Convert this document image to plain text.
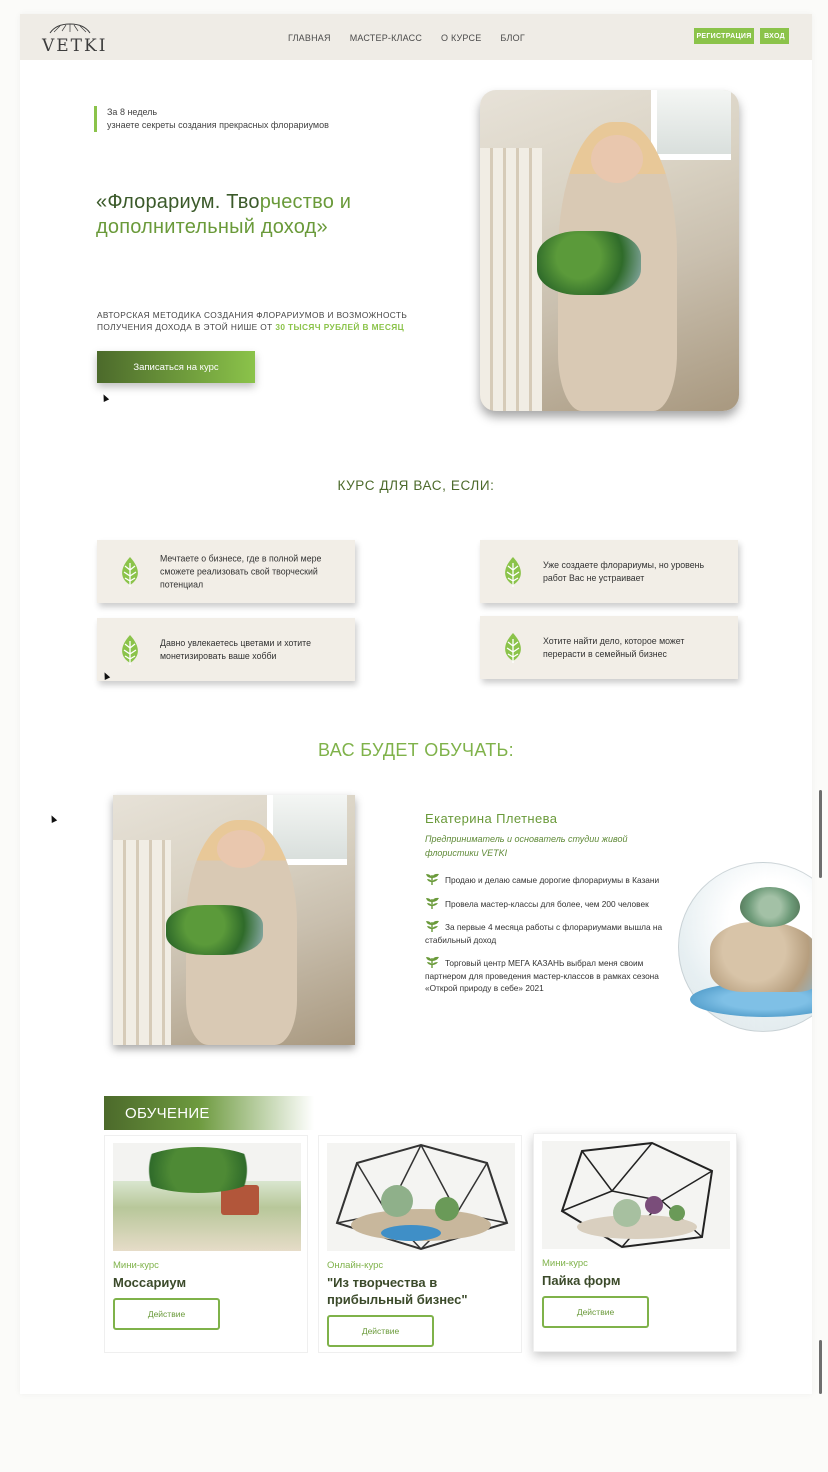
VETKI	ГЛАВНАЯ МАСТЕР-КЛАСС О КУРСЕ БЛОГ	РЕГИСТРАЦИЯ	ВХОД
За 8 недель
узнаете секреты создания прекрасных флорариумов
«Флорариум. Творчество и дополнительный доход»
АВТОРСКАЯ МЕТОДИКА СОЗДАНИЯ ФЛОРАРИУМОВ И ВОЗМОЖНОСТЬ ПОЛУЧЕНИЯ ДОХОДА В ЭТОЙ НИШЕ ОТ 30 ТЫСЯЧ РУБЛЕЙ В МЕСЯЦ
Записаться на курс
КУРС ДЛЯ ВАС, ЕСЛИ:
Мечтаете о бизнесе, где в полной мере сможете реализовать свой творческий потенциал
Уже создаете флорариумы, но уровень работ Вас не устраивает
Давно увлекаетесь цветами и хотите монетизировать ваше хобби
Хотите найти дело, которое может перерасти в семейный бизнес
ВАС БУДЕТ ОБУЧАТЬ:
Екатерина Плетнева
Предприниматель и основатель студии живой флористики VETKI
Продаю и делаю самые дорогие флорариумы в Казани
Провела мастер-классы для более, чем 200 человек
За первые 4 месяца работы с флорариумами вышла на стабильный доход
Торговый центр МЕГА КАЗАНЬ выбрал меня своим партнером для проведения мастер-классов в рамках сезона «Открой природу в себе» 2021
ОБУЧЕНИЕ
Мини-курс
Моссариум
Действие
Онлайн-курс
"Из творчества в прибыльный бизнес"
Действие
Мини-курс
Пайка форм
Действие
